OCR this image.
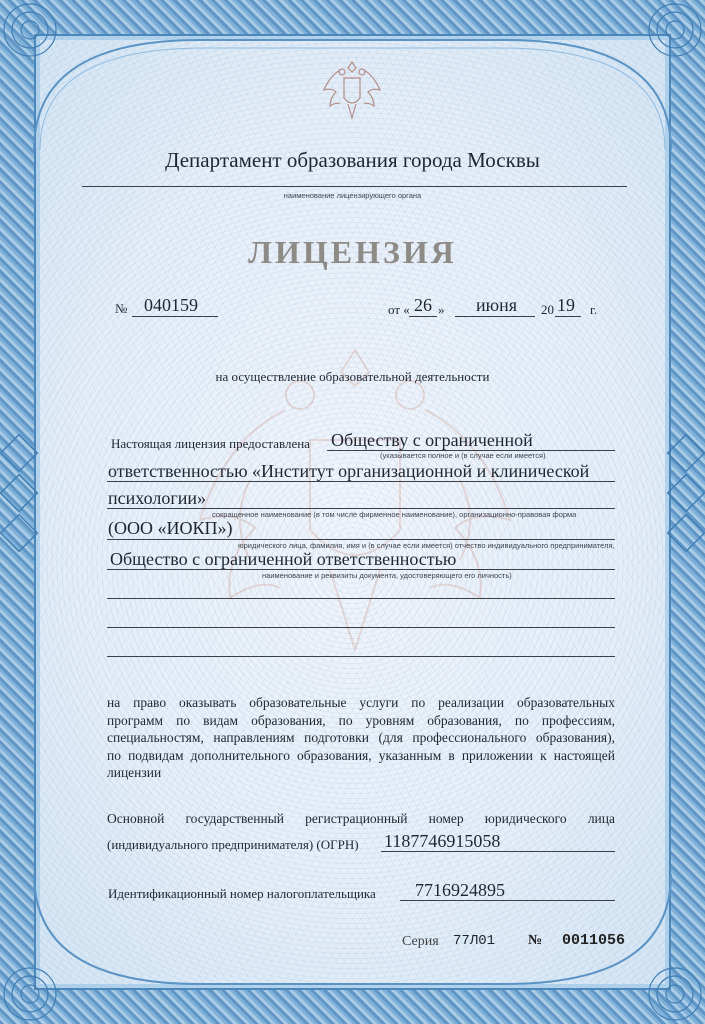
Департамент образования города Москвы
наименование лицензирующего органа
ЛИЦЕНЗИЯ
№ 040159	от « 26 » июня 20 19 г.
на осуществление образовательной деятельности
Настоящая лицензия предоставлена Обществу с ограниченной
(указывается полное и (в случае если имеется)
ответственностью «Институт организационной и клинической
психологии»
сокращенное наименование (в том числе фирменное наименование), организационно-правовая форма
(ООО «ИОКП»)
юридического лица, фамилия, имя и (в случае если имеется) отчество индивидуального предпринимателя,
Общество с ограниченной ответственностью
наименование и реквизиты документа, удостоверяющего его личность)
на право оказывать образовательные услуги по реализации образовательных
программ по видам образования, по уровням образования, по профессиям,
специальностям, направлениям подготовки (для профессионального образования),
по подвидам дополнительного образования, указанным в приложении к настоящей
лицензии
Основной государственный регистрационный номер юридического лица
(индивидуального предпринимателя) (ОГРН) 1187746915058
Идентификационный номер налогоплательщика 7716924895
Серия 77Л01 № 0011056
